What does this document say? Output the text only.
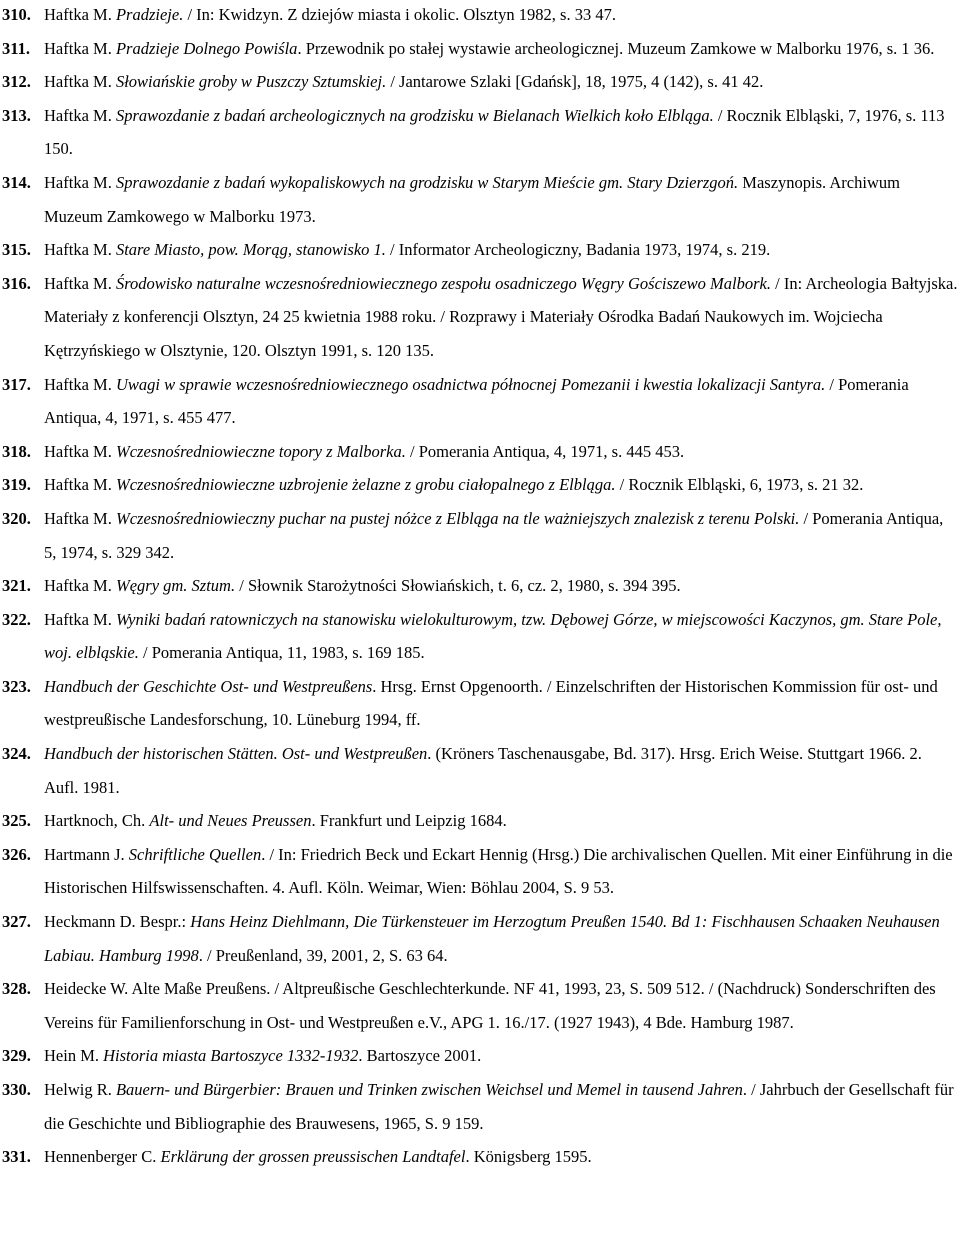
310. Haftka M. Pradzieje. / In: Kwidzyn. Z dziejów miasta i okolic. Olsztyn 1982, s. 33 47.
311. Haftka M. Pradzieje Dolnego Powiśla. Przewodnik po stałej wystawie archeologicznej. Muzeum Zamkowe w Malborku 1976, s. 1 36.
312. Haftka M. Słowiańskie groby w Puszczy Sztumskiej. / Jantarowe Szlaki [Gdańsk], 18, 1975, 4 (142), s. 41 42.
313. Haftka M. Sprawozdanie z badań archeologicznych na grodzisku w Bielanach Wielkich koło Elbląga. / Rocznik Elbląski, 7, 1976, s. 113 150.
314. Haftka M. Sprawozdanie z badań wykopaliskowych na grodzisku w Starym Mieście gm. Stary Dzierzgoń. Maszynopis. Archiwum Muzeum Zamkowego w Malborku 1973.
315. Haftka M. Stare Miasto, pow. Morąg, stanowisko 1. / Informator Archeologiczny, Badania 1973, 1974, s. 219.
316. Haftka M. Środowisko naturalne wczesnośredniowiecznego zespołu osadniczego Węgry Gościszewo Malbork. / In: Archeologia Bałtyjska. Materiały z konferencji Olsztyn, 24 25 kwietnia 1988 roku. / Rozprawy i Materiały Ośrodka Badań Naukowych im. Wojciecha Kętrzyńskiego w Olsztynie, 120. Olsztyn 1991, s. 120 135.
317. Haftka M. Uwagi w sprawie wczesnośredniowiecznego osadnictwa północnej Pomezanii i kwestia lokalizacji Santyra. / Pomerania Antiqua, 4, 1971, s. 455 477.
318. Haftka M. Wczesnośredniowieczne topory z Malborka. / Pomerania Antiqua, 4, 1971, s. 445 453.
319. Haftka M. Wczesnośredniowieczne uzbrojenie żelazne z grobu ciałopalnego z Elbląga. / Rocznik Elbląski, 6, 1973, s. 21 32.
320. Haftka M. Wczesnośredniowieczny puchar na pustej nóżce z Elbląga na tle ważniejszych znalezisk z terenu Polski. / Pomerania Antiqua, 5, 1974, s. 329 342.
321. Haftka M. Węgry gm. Sztum. / Słownik Starożytności Słowiańskich, t. 6, cz. 2, 1980, s. 394 395.
322. Haftka M. Wyniki badań ratowniczych na stanowisku wielokulturowym, tzw. Dębowej Górze, w miejscowości Kaczynos, gm. Stare Pole, woj. elbląskie. / Pomerania Antiqua, 11, 1983, s. 169 185.
323. Handbuch der Geschichte Ost- und Westpreußens. Hrsg. Ernst Opgenoorth. / Einzelschriften der Historischen Kommission für ost- und westpreußische Landesforschung, 10. Lüneburg 1994, ff.
324. Handbuch der historischen Stätten. Ost- und Westpreußen. (Kröners Taschenausgabe, Bd. 317). Hrsg. Erich Weise. Stuttgart 1966. 2. Aufl. 1981.
325. Hartknoch, Ch. Alt- und Neues Preussen. Frankfurt und Leipzig 1684.
326. Hartmann J. Schriftliche Quellen. / In: Friedrich Beck und Eckart Hennig (Hrsg.) Die archivalischen Quellen. Mit einer Einführung in die Historischen Hilfswissenschaften. 4. Aufl. Köln. Weimar, Wien: Böhlau 2004, S. 9 53.
327. Heckmann D. Bespr.: Hans Heinz Diehlmann, Die Türkensteuer im Herzogtum Preußen 1540. Bd 1: Fischhausen Schaaken Neuhausen Labiau. Hamburg 1998. / Preußenland, 39, 2001, 2, S. 63 64.
328. Heidecke W. Alte Maße Preußens. / Altpreußische Geschlechterkunde. NF 41, 1993, 23, S. 509 512. / (Nachdruck) Sonderschriften des Vereins für Familienforschung in Ost- und Westpreußen e.V., APG 1. 16./17. (1927 1943), 4 Bde. Hamburg 1987.
329. Hein M. Historia miasta Bartoszyce 1332-1932. Bartoszyce 2001.
330. Helwig R. Bauern- und Bürgerbier: Brauen und Trinken zwischen Weichsel und Memel in tausend Jahren. / Jahrbuch der Gesellschaft für die Geschichte und Bibliographie des Brauwesens, 1965, S. 9 159.
331. Hennenberger C. Erklärung der grossen preussischen Landtafel. Königsberg 1595.
